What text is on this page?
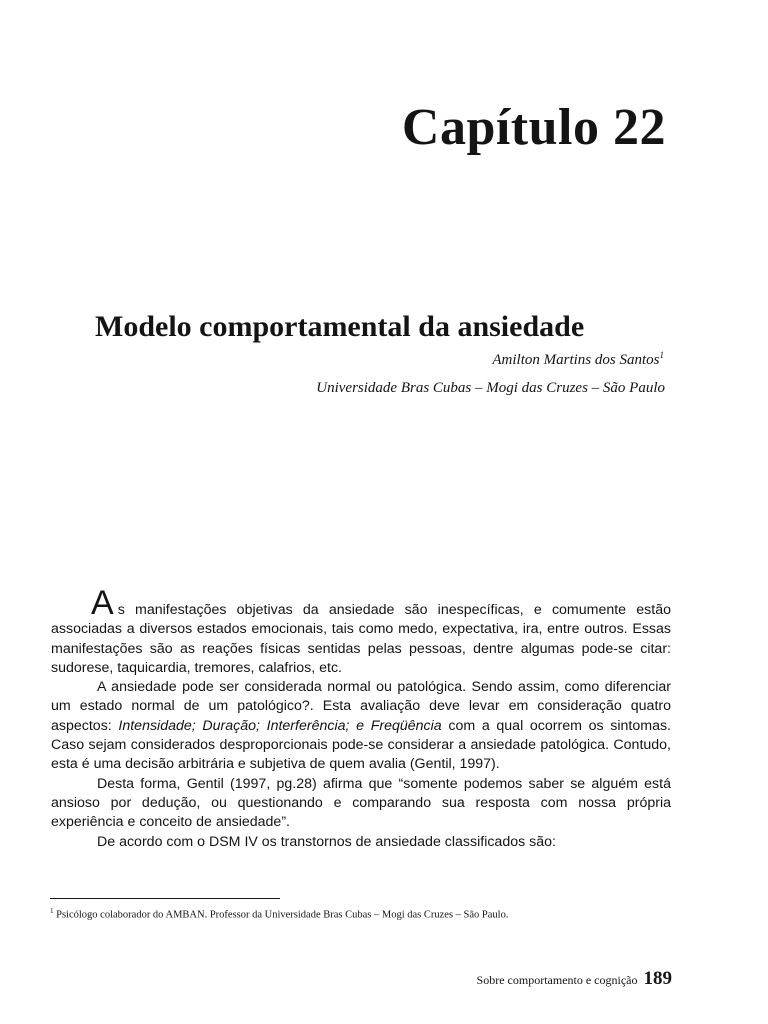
Capítulo 22
Modelo comportamental da ansiedade
Amilton Martins dos Santos$^1$
Universidade Bras Cubas – Mogi das Cruzes – São Paulo

As manifestações objetivas da ansiedade são inespecíficas, e comumente estão associadas a diversos estados emocionais, tais como medo, expectativa, ira, entre outros. Essas manifestações são as reações físicas sentidas pelas pessoas, dentre algumas pode-se citar: sudorese, taquicardia, tremores, calafrios, etc.

A ansiedade pode ser considerada normal ou patológica. Sendo assim, como diferenciar um estado normal de um patológico?. Esta avaliação deve levar em consideração quatro aspectos: Intensidade; Duração; Interferência; e Freqüência com a qual ocorrem os sintomas. Caso sejam considerados desproporcionais pode-se considerar a ansiedade patológica. Contudo, esta é uma decisão arbitrária e subjetiva de quem avalia (Gentil, 1997).

Desta forma, Gentil (1997, pg.28) afirma que “somente podemos saber se alguém está ansioso por dedução, ou questionando e comparando sua resposta com nossa própria experiência e conceito de ansiedade”.

De acordo com o DSM IV os transtornos de ansiedade classificados são:

$^1$ Psicólogo colaborador do AMBAN. Professor da Universidade Bras Cubas – Mogi das Cruzes – São Paulo.
Sobre comportamento e cognição 189
